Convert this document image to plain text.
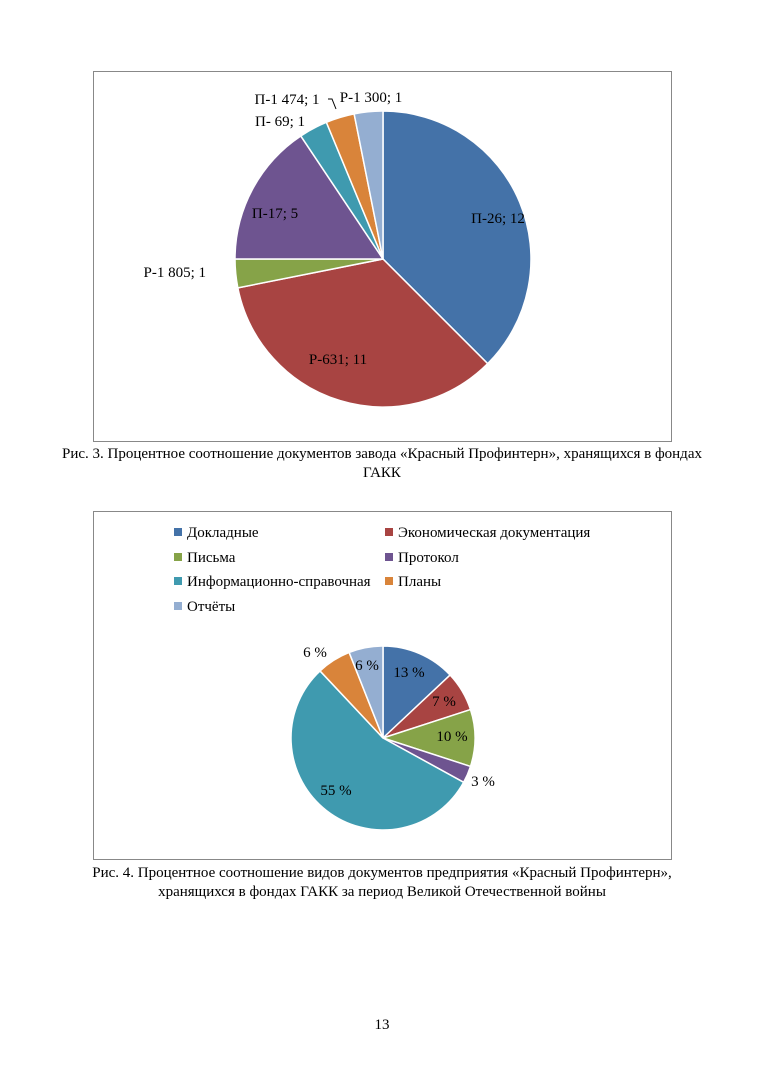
П-26; 12
Р-631; 11
Р-1 805; 1
П-17; 5
П- 69; 1
П-1 474; 1 Р-1 300; 1

Рис. 3. Процентное соотношение документов завода «Красный Профинтерн», хранящихся в фондах ГАКК

Докладные	Экономическая документация
Письма	Протокол
Информационно-справочная	Планы
Отчёты
13 %
7 %
10 %
3 %
55 %
6 %
6 %

Рис. 4. Процентное соотношение видов документов предприятия «Красный Профинтерн», хранящихся в фондах ГАКК за период Великой Отечественной войны

13
